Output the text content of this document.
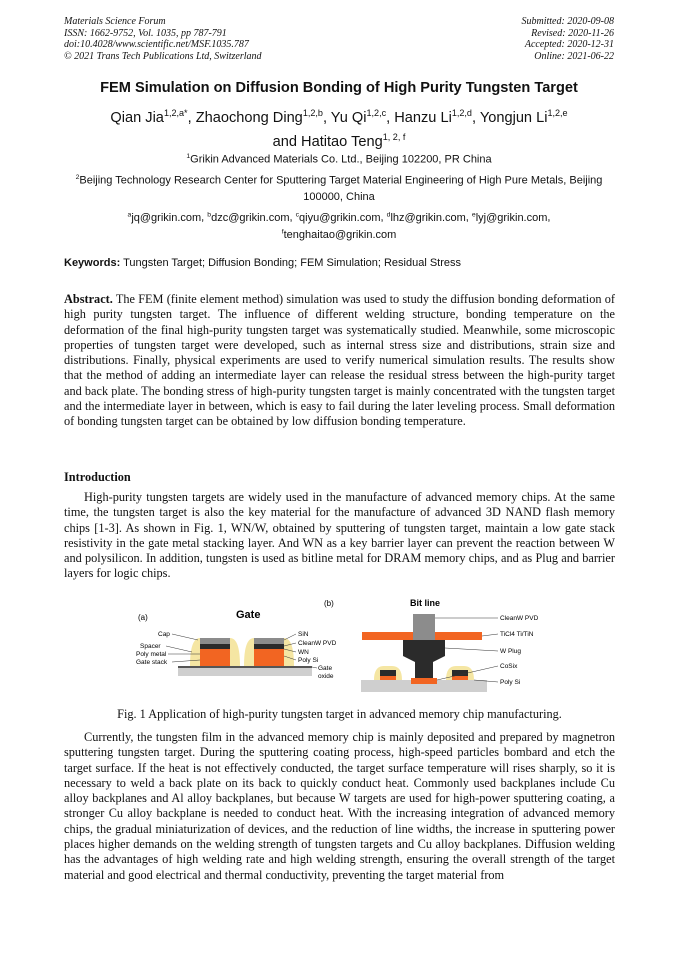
Materials Science Forum
ISSN: 1662-9752, Vol. 1035, pp 787-791
doi:10.4028/www.scientific.net/MSF.1035.787
© 2021 Trans Tech Publications Ltd, Switzerland
Submitted: 2020-09-08
Revised: 2020-11-26
Accepted: 2020-12-31
Online: 2021-06-22
FEM Simulation on Diffusion Bonding of High Purity Tungsten Target
Qian Jia$^{1,2,a*}$, Zhaochong Ding$^{1,2,b}$, Yu Qi$^{1,2,c}$, Hanzu Li$^{1,2,d}$, Yongjun Li$^{1,2,e}$
and Hatitao Teng$^{1, 2, f}$
$^1$Grikin Advanced Materials Co. Ltd., Beijing 102200, PR China
$^2$Beijing Technology Research Center for Sputtering Target Material Engineering of High Pure Metals, Beijing 100000, China
$^a$jq@grikin.com, $^b$dzc@grikin.com, $^c$qiyu@grikin.com, $^d$lhz@grikin.com, $^e$lyj@grikin.com,
$^f$tenghaitao@grikin.com
Keywords: Tungsten Target; Diffusion Bonding; FEM Simulation; Residual Stress

Abstract. The FEM (finite element method) simulation was used to study the diffusion bonding deformation of high purity tungsten target. The influence of different welding structure, bonding temperature on the deformation of the final high-purity tungsten target was systematically studied. Meanwhile, some microscopic properties of tungsten target were developed, such as internal stress size and distributions, strain size and distributions. Finally, physical experiments are used to verify numerical simulation results. The results show that the method of adding an intermediate layer can release the residual stress between the high-purity target and back plate. The bonding stress of high-purity tungsten target is mainly concentrated with the tungsten target and the intermediate layer in between, which is easy to fail during the later leveling process. Small deformation of bonding tungsten target can be obtained by low diffusion bonding temperature.

Introduction

High-purity tungsten targets are widely used in the manufacture of advanced memory chips. At the same time, the tungsten target is also the key material for the manufacture of advanced 3D NAND flash memory chips [1-3]. As shown in Fig. 1, WN/W, obtained by sputtering of tungsten target, maintain a low gate stack resistivity in the gate metal stacking layer. And WN as a key barrier layer can prevent the reaction between W and polysilicon. In addition, tungsten is used as bitline metal for DRAM memory chips, and as Plug and barrier layers for logic chips.

(a)	Gate
Cap
Spacer
Poly metal
Gate stack
SiN
CleanW PVD
WN
Poly Si
Gate
oxide
(b)	Bit line
CleanW PVD
TiCl4 Ti/TiN
W Plug
CoSix
Poly Si
Fig. 1 Application of high-purity tungsten target in advanced memory chip manufacturing.

Currently, the tungsten film in the advanced memory chip is mainly deposited and prepared by magnetron sputtering tungsten target. During the sputtering coating process, high-speed particles bombard and etch the target surface. If the heat is not effectively conducted, the target surface temperature will rises sharply, so it is necessary to weld a back plate on its back to quickly conduct heat. Commonly used backplanes include Cu alloy backplanes and Al alloy backplanes, but because W targets are used for high-power sputtering coating, a stronger Cu alloy backplane is needed to conduct heat. With the increasing integration of advanced memory chips, the gradual miniaturization of devices, and the reduction of line widths, the increase in sputtering power places higher demands on the welding strength of tungsten targets and Cu alloy backplanes. Diffusion welding has the advantages of high welding rate and high welding strength, ensuring the overall strength of the target material and good electrical and thermal conductivity, preventing the target material from
